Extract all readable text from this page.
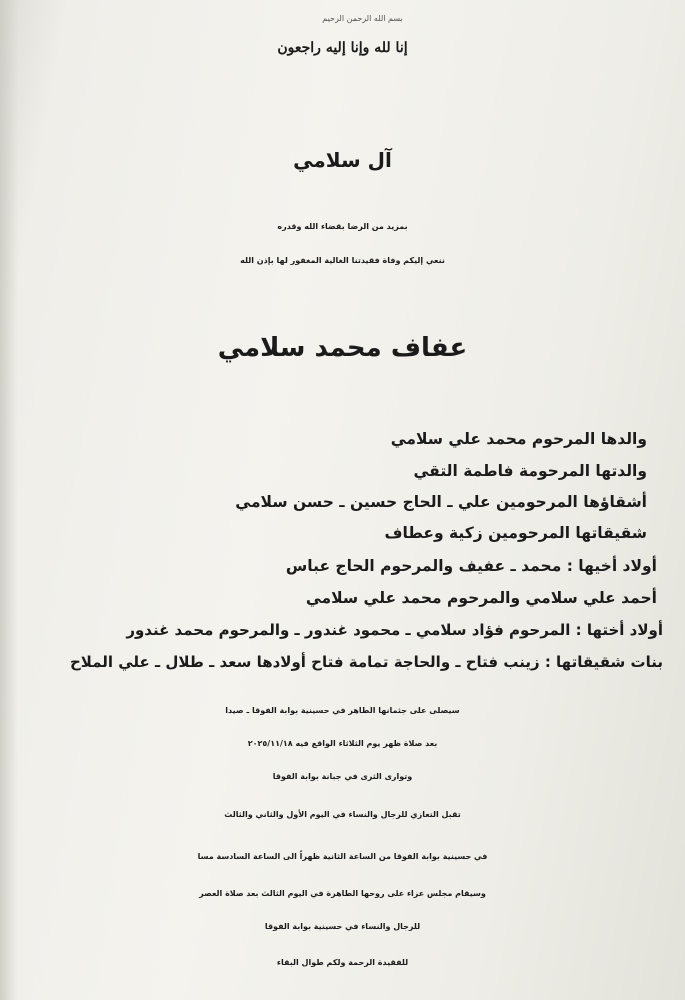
بسم الله الرحمن الرحيم
إنا لله وإنا إليه راجعون
آل سلامي
بمزيد من الرضا بقضاء الله وقدره
ننعي إليكم وفاة فقيدتنا الغالية المغفور لها بإذن الله
عفاف محمد سلامي
والدها المرحوم محمد علي سلامي
والدتها المرحومة فاطمة التقي
أشقاؤها المرحومين علي ـ الحاج حسين ـ حسن سلامي
شقيقاتها المرحومين زكية وعطاف
أولاد أخيها : محمد ـ عفيف والمرحوم الحاج عباس
أحمد علي سلامي والمرحوم محمد علي سلامي
أولاد أختها : المرحوم فؤاد سلامي ـ محمود غندور ـ والمرحوم محمد غندور
بنات شقيقاتها : زينب فتاح ـ والحاجة تمامة فتاح أولادها سعد ـ طلال ـ علي الملاح
سيصلى على جثمانها الطاهر في حسينية بوابة الفوقا ـ صيدا
بعد صلاة ظهر يوم الثلاثاء الواقع فيه ٢٠٢٥/١١/١٨
وتوارى الثرى في جبانة بوابة الفوقا
تقبل التعازي للرجال والنساء في اليوم الأول والثاني والثالث
في حسينية بوابة الفوقا من الساعة الثانية ظهراً الى الساعة السادسة مسا
وسيقام مجلس عزاء على روحها الطاهرة في اليوم الثالث بعد صلاة العصر
للرجال والنساء في حسينية بوابة الفوقا
للفقيدة الرحمة ولكم طوال البقاء
